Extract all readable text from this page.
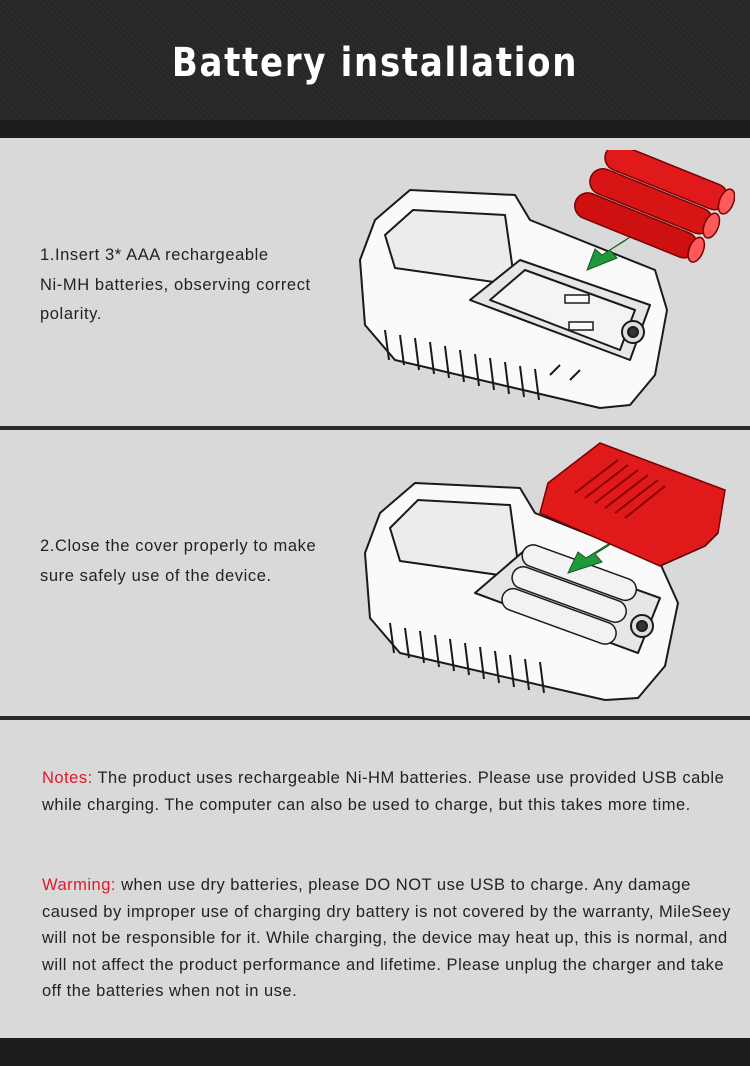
Battery installation
1.Insert 3* AAA rechargeable
Ni-MH batteries, observing correct
polarity.
2.Close the cover properly to make
sure safely use of the device.
Notes: The product uses rechargeable Ni-HM batteries. Please use provided USB cable while charging. The computer can also be used to charge, but this takes more time.
Warming: when use dry batteries, please DO NOT use USB to charge. Any damage caused by improper use of charging dry battery is not covered by the warranty, MileSeey will not be responsible for it. While charging, the device may heat up, this is normal, and will not affect the product performance and lifetime. Please unplug the charger and take off the batteries when not in use.
